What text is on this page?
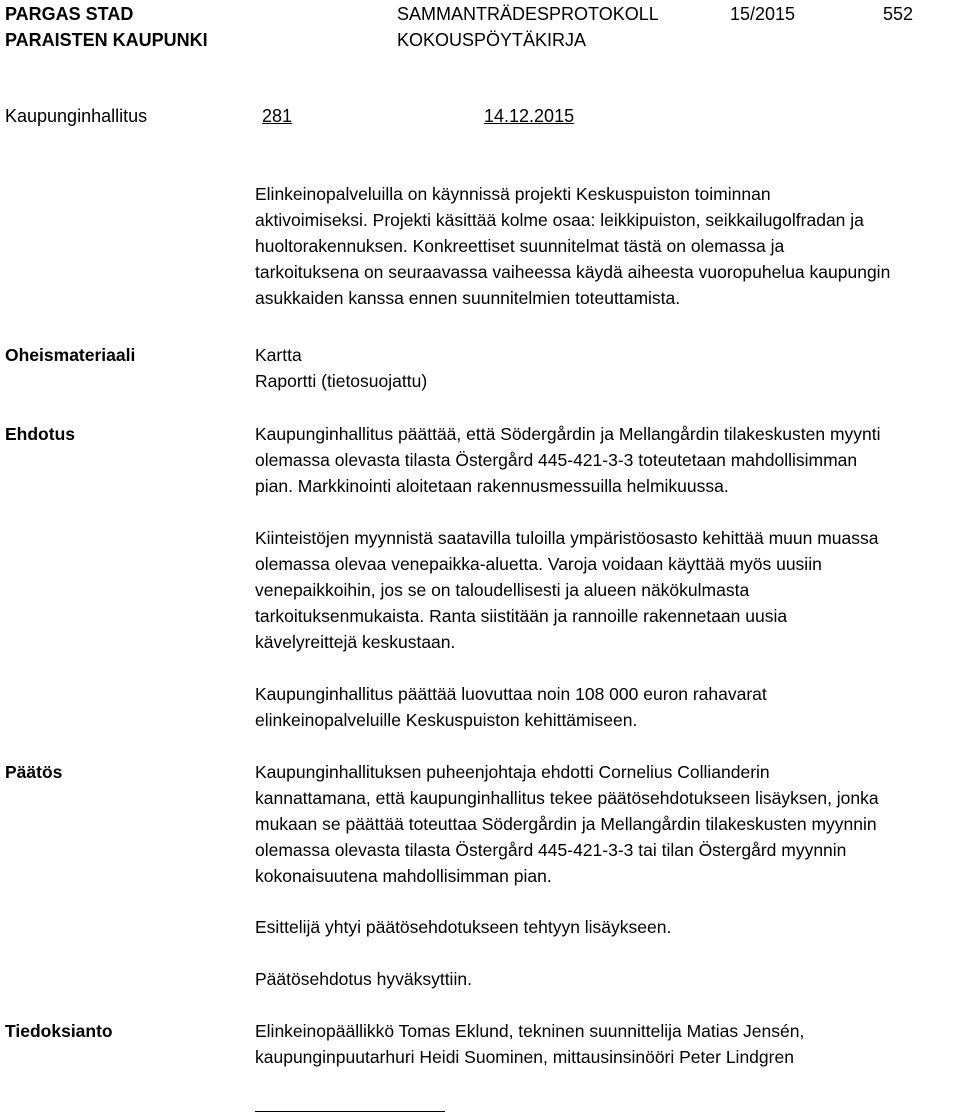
PARGAS STAD
PARAISTEN KAUPUNKI
SAMMANTRÄDESPROTOKOLL
KOKOUSPÖYTÄKIRJA
15/2015	552
Kaupunginhallitus	281	14.12.2015
Elinkeinopalveluilla on käynnissä projekti Keskuspuiston toiminnan
aktivoimiseksi. Projekti käsittää kolme osaa: leikkipuiston, seikkailugolfradan ja
huoltorakennuksen. Konkreettiset suunnitelmat tästä on olemassa ja
tarkoituksena on seuraavassa vaiheessa käydä aiheesta vuoropuhelua kaupungin
asukkaiden kanssa ennen suunnitelmien toteuttamista.
Oheismateriaali	Kartta
Raportti (tietosuojattu)
Ehdotus	Kaupunginhallitus päättää, että Södergårdin ja Mellangårdin tilakeskusten myynti
olemassa olevasta tilasta Östergård 445-421-3-3 toteutetaan mahdollisimman
pian. Markkinointi aloitetaan rakennusmessuilla helmikuussa.
Kiinteistöjen myynnistä saatavilla tuloilla ympäristöosasto kehittää muun muassa
olemassa olevaa venepaikka-aluetta. Varoja voidaan käyttää myös uusiin
venepaikkoihin, jos se on taloudellisesti ja alueen näkökulmasta
tarkoituksenmukaista. Ranta siistitään ja rannoille rakennetaan uusia
kävelyreittejä keskustaan.
Kaupunginhallitus päättää luovuttaa noin 108 000 euron rahavarat
elinkeinopalveluille Keskuspuiston kehittämiseen.
Päätös	Kaupunginhallituksen puheenjohtaja ehdotti Cornelius Collianderin
kannattamana, että kaupunginhallitus tekee päätösehdotukseen lisäyksen, jonka
mukaan se päättää toteuttaa Södergårdin ja Mellangårdin tilakeskusten myynnin
olemassa olevasta tilasta Östergård 445-421-3-3 tai tilan Östergård myynnin
kokonaisuutena mahdollisimman pian.
Esittelijä yhtyi päätösehdotukseen tehtyyn lisäykseen.
Päätösehdotus hyväksyttiin.
Tiedoksianto	Elinkeinopäällikkö Tomas Eklund, tekninen suunnittelija Matias Jensén,
kaupunginpuutarhuri Heidi Suominen, mittausinsinööri Peter Lindgren
